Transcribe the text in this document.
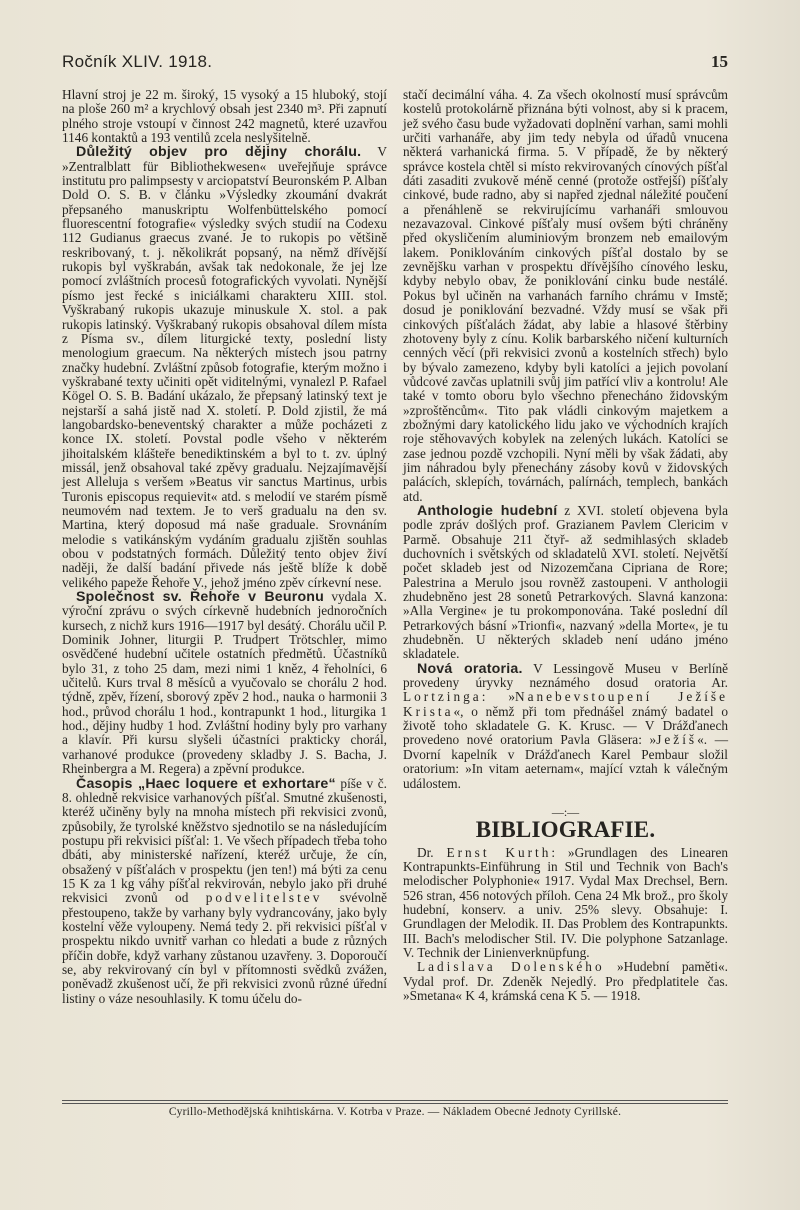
Ročník XLIV. 1918.	15

Hlavní stroj je 22 m. široký, 15 vysoký a 15 hluboký, stojí na ploše 260 m² a krychlový obsah jest 2340 m³. Při zapnutí plného stroje vstoupí v činnost 242 magnetů, které uzavřou 1146 kontaktů a 193 ventilů zcela neslyšitelně.

Důležitý objev pro dějiny chorálu. V »Zentralblatt für Bibliothekwesen« uveřejňuje správce institutu pro palimpsesty v arciopatství Beuronském P. Alban Dold O. S. B. v článku »Výsledky zkoumání dvakrát přepsaného manuskriptu Wolfenbüttelského pomocí fluorescentní fotografie« výsledky svých studií na Codexu 112 Gudianus graecus zvané. Je to rukopis po většině reskribovaný, t. j. několikrát popsaný, na němž dřívější rukopis byl vyškrabán, avšak tak nedokonale, že jej lze pomocí zvláštních procesů fotografických vyvolati. Nynější písmo jest řecké s iniciálkami charakteru XIII. stol. Vyškrabaný rukopis ukazuje minuskule X. stol. a pak rukopis latinský. Vyškrabaný rukopis obsahoval dílem místa z Písma sv., dílem liturgické texty, poslední listy menologium graecum. Na některých místech jsou patrny značky hudební. Zvláštní způsob fotografie, kterým možno i vyškrabané texty učiniti opět viditelnými, vynalezl P. Rafael Kögel O. S. B. Badání ukázalo, že přepsaný latinský text je nejstarší a sahá jistě nad X. století. P. Dold zjistil, že má langobardsko-beneventský charakter a může pocházeti z konce IX. století. Povstal podle všeho v některém jihoitalském klášteře benediktinském a byl to t. zv. úplný missál, jenž obsahoval také zpěvy gradualu. Nejzajímavější jest Alleluja s veršem »Beatus vir sanctus Martinus, urbis Turonis episcopus requievit« atd. s melodií ve starém písmě neumovém nad textem. Je to verš gradualu na den sv. Martina, který doposud má naše graduale. Srovnáním melodie s vatikánským vydáním gradualu zjištěn souhlas obou v podstatných formách. Důležitý tento objev živí naději, že další badání přivede nás ještě blíže k době velikého papeže Řehoře V., jehož jméno zpěv církevní nese.

Společnost sv. Řehoře v Beuronu vydala X. výroční zprávu o svých církevně hudebních jednoročních kursech, z nichž kurs 1916—1917 byl desátý. Chorálu učil P. Dominik Johner, liturgii P. Trudpert Trötschler, mimo osvědčené hudební učitele ostatních předmětů. Účastníků bylo 31, z toho 25 dam, mezi nimi 1 kněz, 4 řeholníci, 6 učitelů. Kurs trval 8 měsíců a vyučovalo se chorálu 2 hod. týdně, zpěv, řízení, sborový zpěv 2 hod., nauka o harmonii 3 hod., průvod chorálu 1 hod., kontrapunkt 1 hod., liturgika 1 hod., dějiny hudby 1 hod. Zvláštní hodiny byly pro varhany a klavír. Při kursu slyšeli účastníci prakticky chorál, varhanové produkce (provedeny skladby J. S. Bacha, J. Rheinbergra a M. Regera) a zpěvní produkce.

Časopis „Haec loquere et exhortare“ píše v č. 8. ohledně rekvisice varhanových píšťal. Smutné zkušenosti, kteréž učiněny byly na mnoha místech při rekvisici zvonů, způsobily, že tyrolské kněžstvo sjednotilo se na následujícím postupu při rekvisici píšťal: 1. Ve všech případech třeba toho dbáti, aby ministerské nařízení, kteréž určuje, že cín, obsažený v píšťalách v prospektu (jen ten!) má býti za cenu 15 K za 1 kg váhy píšťal rekvirován, nebylo jako při druhé rekvisici zvonů od podvelitelstev svévolně přestoupeno, takže by varhany byly vydrancovány, jako byly kostelní věže vyloupeny. Nemá tedy 2. při rekvisici píšťal v prospektu nikdo uvnitř varhan co hledati a bude z různých příčin dobře, když varhany zůstanou uzavřeny. 3. Doporoučí se, aby rekvirovaný cín byl v přítomnosti svědků zvážen, poněvadž zkušenost učí, že při rekvisici zvonů různé úřední listiny o váze nesouhlasily. K tomu účelu do-

stačí decimální váha. 4. Za všech okolností musí správcům kostelů protokolárně přiznána býti volnost, aby si k pracem, jež svého času bude vyžadovati doplnění varhan, sami mohli určiti varhanáře, aby jim tedy nebyla od úřadů vnucena některá varhanická firma. 5. V případě, že by některý správce kostela chtěl si místo rekvirovaných cínových píšťal dáti zasaditi zvukově méně cenné (protože ostřejší) píšťaly cinkové, bude radno, aby si napřed zjednal náležité poučení a přenáhleně se rekvirujícímu varhanáři smlouvou nezavazoval. Cinkové píšťaly musí ovšem býti chráněny před okysličením aluminiovým bronzem neb emailovým lakem. Poniklováním cinkových píšťal dostalo by se zevnějšku varhan v prospektu dřívějšího cínového lesku, kdyby nebylo obav, že poniklování cinku bude nestálé. Pokus byl učiněn na varhanách farního chrámu v Imstě; dosud je poniklování bezvadné. Vždy musí se však při cinkových píšťalách žádat, aby labie a hlasové štěrbiny zhotoveny byly z cínu. Kolik barbarského ničení kulturních cenných věcí (při rekvisici zvonů a kostelních střech) bylo by bývalo zamezeno, kdyby byli katolíci a jejich povolaní vůdcové zavčas uplatnili svůj jim patřící vliv a kontrolu! Ale také v tomto oboru bylo všechno přenecháno židovským »zproštěncům«. Tito pak vládli cinkovým majetkem a zbožnými dary katolického lidu jako ve východních krajích roje stěhovavých kobylek na zelených lukách. Katolíci se zase jednou pozdě vzchopili. Nyní měli by však žádati, aby jim náhradou byly přenechány zásoby kovů v židovských palácích, sklepích, továrnách, palírnách, templech, bankách atd.

Anthologie hudební z XVI. století objevena byla podle zpráv došlých prof. Grazianem Pavlem Clericim v Parmě. Obsahuje 211 čtyř- až sedmihlasých skladeb duchovních i světských od skladatelů XVI. století. Největší počet skladeb jest od Nizozemčana Cipriana de Rore; Palestrina a Merulo jsou rovněž zastoupeni. V anthologii zhudebněno jest 28 sonetů Petrarkových. Slavná kanzona: »Alla Vergine« je tu prokomponována. Také poslední díl Petrarkových básní »Trionfi«, nazvaný »della Morte«, je tu zhudebněn. U některých skladeb není udáno jméno skladatele.

Nová oratoria. V Lessingově Museu v Berlíně provedeny úryvky neznámého dosud oratoria Ar. Lortzinga: »Nanebevstoupení Ježíše Krista«, o němž při tom přednášel známý badatel o životě toho skladatele G. K. Krusc. — V Drážďanech provedeno nové oratorium Pavla Gläsera: »Ježíš«. — Dvorní kapelník v Drážďanech Karel Pembaur složil oratorium: »In vitam aeternam«, mající vztah k válečným událostem.

—:—
BIBLIOGRAFIE.

Dr. Ernst Kurth: »Grundlagen des Linearen Kontrapunkts-Einführung in Stil und Technik von Bach's melodischer Polyphonie« 1917. Vydal Max Drechsel, Bern. 526 stran, 456 notových příloh. Cena 24 Mk brož., pro školy hudební, konserv. a univ. 25% slevy. Obsahuje: I. Grundlagen der Melodik. II. Das Problem des Kontrapunkts. III. Bach's melodischer Stil. IV. Die polyphone Satzanlage. V. Technik der Linienverknüpfung.

Ladislava Dolenského »Hudební paměti«. Vydal prof. Dr. Zdeněk Nejedlý. Pro předplatitele čas. »Smetana« K 4, krámská cena K 5. — 1918.

Cyrillo-Methodějská knihtiskárna. V. Kotrba v Praze. — Nákladem Obecné Jednoty Cyrillské.
